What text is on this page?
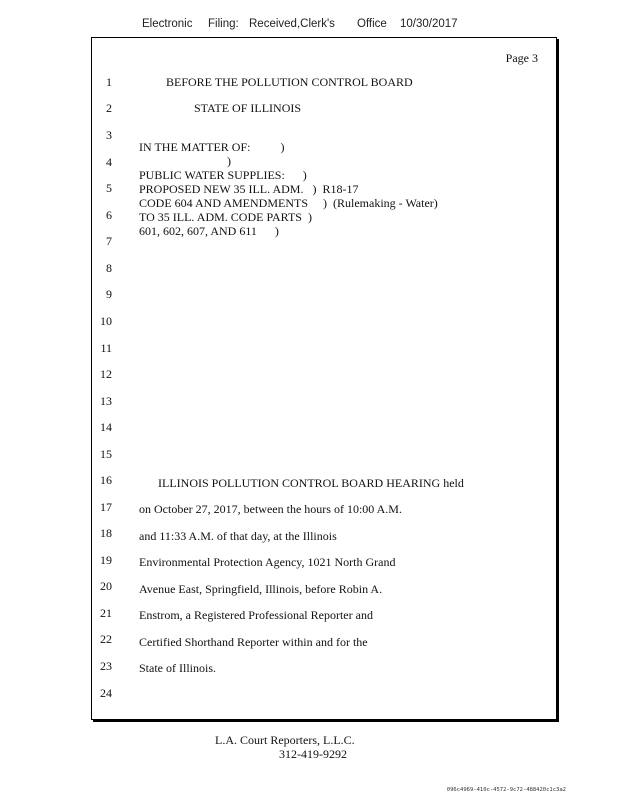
Electronic Filing: Received,Clerk's Office 10/30/2017
Page 3
1
2
3
4
5
6
7
8
9
10
11
12
13
14
15
16
17
18
19
20
21
22
23
24
BEFORE THE POLLUTION CONTROL BOARD
STATE OF ILLINOIS
IN THE MATTER OF:          )
)
PUBLIC WATER SUPPLIES:      )
PROPOSED NEW 35 ILL. ADM.   )  R18-17
CODE 604 AND AMENDMENTS     )  (Rulemaking - Water)
TO 35 ILL. ADM. CODE PARTS  )
601, 602, 607, AND 611      )
ILLINOIS POLLUTION CONTROL BOARD HEARING held
on October 27, 2017, between the hours of 10:00 A.M.
and 11:33 A.M. of that day, at the Illinois
Environmental Protection Agency, 1021 North Grand
Avenue East, Springfield, Illinois, before Robin A.
Enstrom, a Registered Professional Reporter and
Certified Shorthand Reporter within and for the
State of Illinois.
L.A. Court Reporters, L.L.C.
312-419-9292
096c4969-410c-4572-9c72-488420c1c3a2
